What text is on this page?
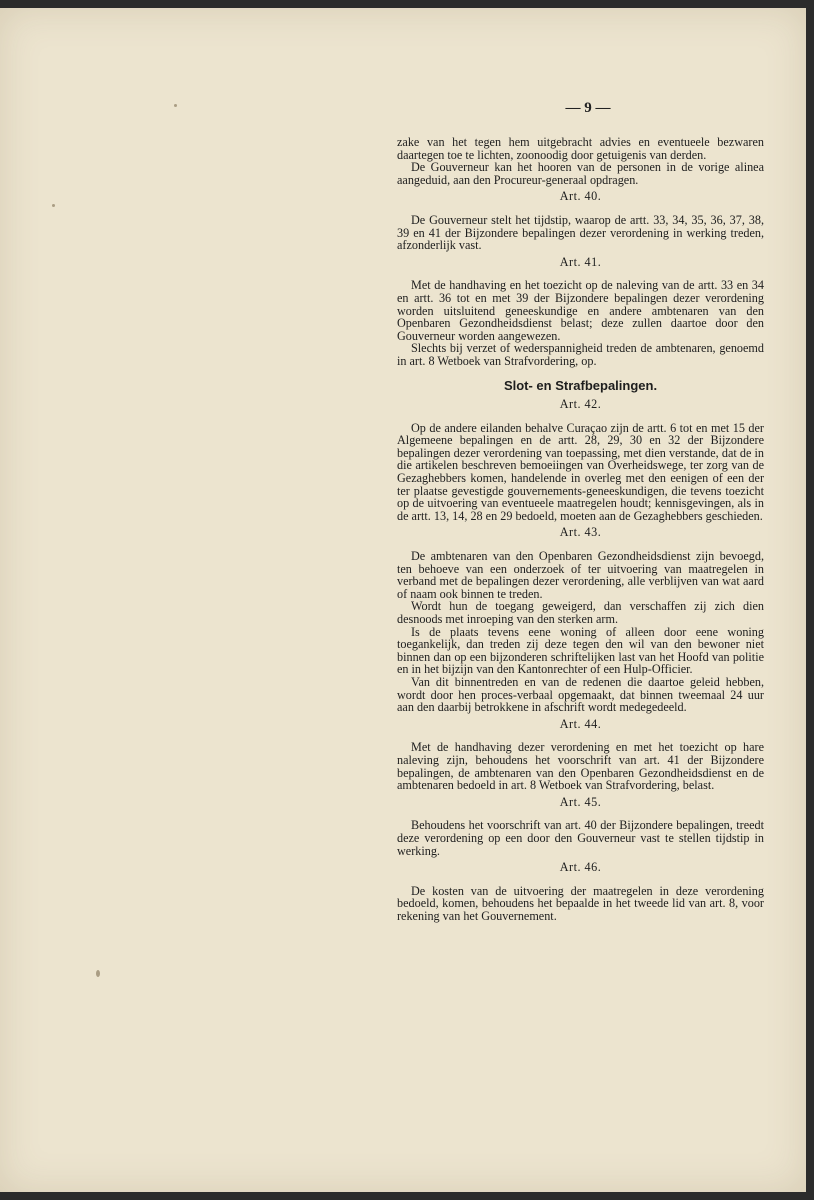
— 9 —

zake van het tegen hem uitgebracht advies en eventueele bezwaren daartegen toe te lichten, zoonoodig door getuigenis van derden.

De Gouverneur kan het hooren van de personen in de vorige alinea aangeduid, aan den Procureur-generaal opdragen.

Art. 40.

De Gouverneur stelt het tijdstip, waarop de artt. 33, 34, 35, 36, 37, 38, 39 en 41 der Bijzondere bepalingen dezer verordening in werking treden, afzonderlijk vast.

Art. 41.

Met de handhaving en het toezicht op de naleving van de artt. 33 en 34 en artt. 36 tot en met 39 der Bijzondere bepalingen dezer verordening worden uitsluitend geneeskundige en andere ambtenaren van den Openbaren Gezondheidsdienst belast; deze zullen daartoe door den Gouverneur worden aangewezen.

Slechts bij verzet of wederspannigheid treden de ambtenaren, genoemd in art. 8 Wetboek van Strafvordering, op.

Slot- en Strafbepalingen.
Art. 42.

Op de andere eilanden behalve Curaçao zijn de artt. 6 tot en met 15 der Algemeene bepalingen en de artt. 28, 29, 30 en 32 der Bijzondere bepalingen dezer verordening van toepassing, met dien verstande, dat de in die artikelen beschreven bemoeiingen van Overheidswege, ter zorg van de Gezaghebbers komen, handelende in overleg met den eenigen of een der ter plaatse gevestigde gouvernements-geneeskundigen, die tevens toezicht op de uitvoering van eventueele maatregelen houdt; kennisgevingen, als in de artt. 13, 14, 28 en 29 bedoeld, moeten aan de Gezaghebbers geschieden.

Art. 43.

De ambtenaren van den Openbaren Gezondheidsdienst zijn bevoegd, ten behoeve van een onderzoek of ter uitvoering van maatregelen in verband met de bepalingen dezer verordening, alle verblijven van wat aard of naam ook binnen te treden.

Wordt hun de toegang geweigerd, dan verschaffen zij zich dien desnoods met inroeping van den sterken arm.

Is de plaats tevens eene woning of alleen door eene woning toegankelijk, dan treden zij deze tegen den wil van den bewoner niet binnen dan op een bijzonderen schriftelijken last van het Hoofd van politie en in het bijzijn van den Kantonrechter of een Hulp-Officier.

Van dit binnentreden en van de redenen die daartoe geleid hebben, wordt door hen proces-verbaal opgemaakt, dat binnen tweemaal 24 uur aan den daarbij betrokkene in afschrift wordt medegedeeld.

Art. 44.

Met de handhaving dezer verordening en met het toezicht op hare naleving zijn, behoudens het voorschrift van art. 41 der Bijzondere bepalingen, de ambtenaren van den Openbaren Gezondheidsdienst en de ambtenaren bedoeld in art. 8 Wetboek van Strafvordering, belast.

Art. 45.

Behoudens het voorschrift van art. 40 der Bijzondere bepalingen, treedt deze verordening op een door den Gouverneur vast te stellen tijdstip in werking.

Art. 46.

De kosten van de uitvoering der maatregelen in deze verordening bedoeld, komen, behoudens het bepaalde in het tweede lid van art. 8, voor rekening van het Gouvernement.
